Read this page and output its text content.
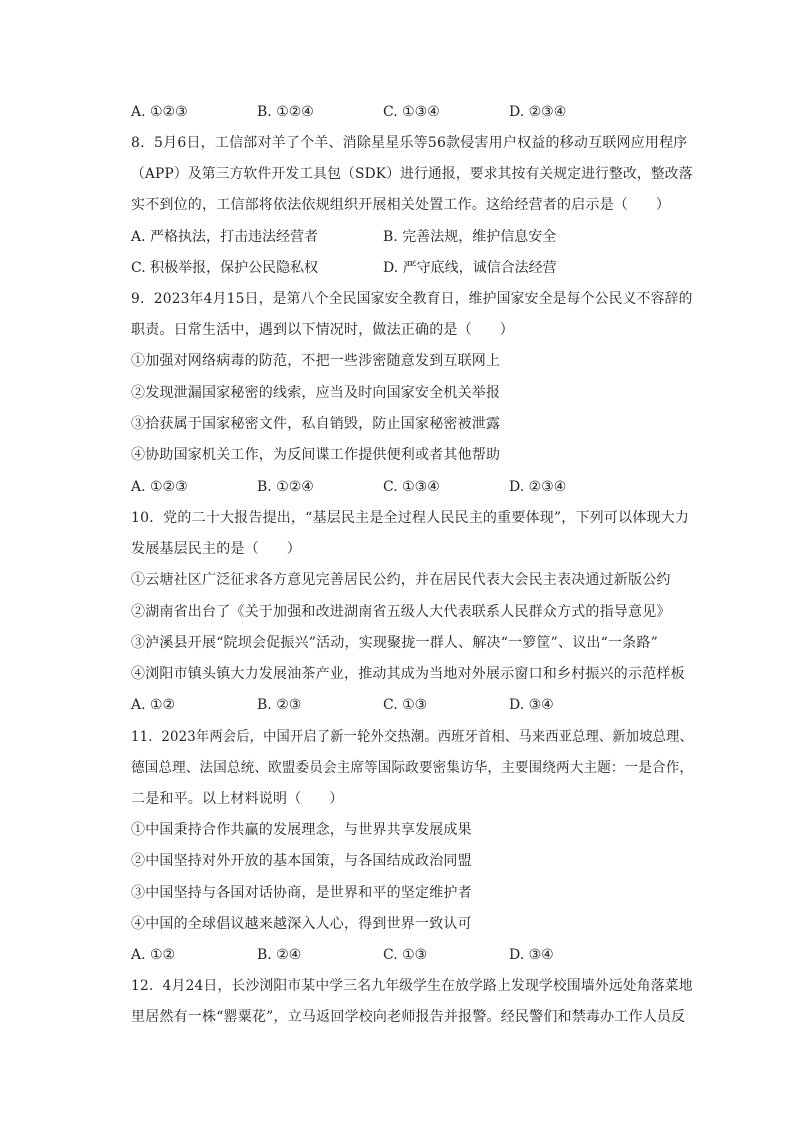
A. ①②③	B. ①②④	C. ①③④	D. ②③④
8.  5月6日，工信部对羊了个羊、消除星星乐等56款侵害用户权益的移动互联网应用程序
（APP）及第三方软件开发工具包（SDK）进行通报，要求其按有关规定进行整改，整改落
实不到位的，工信部将依法依规组织开展相关处置工作。这给经营者的启示是（      ）
A. 严格执法，打击违法经营者	B. 完善法规，维护信息安全
C. 积极举报，保护公民隐私权	D. 严守底线，诚信合法经营
9.  2023年4月15日，是第八个全民国家安全教育日，维护国家安全是每个公民义不容辞的
职责。日常生活中，遇到以下情况时，做法正确的是（      ）
①加强对网络病毒的防范，不把一些涉密随意发到互联网上
②发现泄漏国家秘密的线索，应当及时向国家安全机关举报
③拾获属于国家秘密文件，私自销毁，防止国家秘密被泄露
④协助国家机关工作，为反间谍工作提供便利或者其他帮助
A. ①②③	B. ①②④	C. ①③④	D. ②③④
10.  党的二十大报告提出，“基层民主是全过程人民民主的重要体现”，下列可以体现大力
发展基层民主的是（      ）
①云塘社区广泛征求各方意见完善居民公约，并在居民代表大会民主表决通过新版公约
②湖南省出台了《关于加强和改进湖南省五级人大代表联系人民群众方式的指导意见》
③泸溪县开展“院坝会促振兴”活动，实现聚拢一群人、解决“一箩筐”、议出“一条路”
④浏阳市镇头镇大力发展油茶产业，推动其成为当地对外展示窗口和乡村振兴的示范样板
A. ①②	B. ②③	C. ①③	D. ③④
11.  2023年两会后，中国开启了新一轮外交热潮。西班牙首相、马来西亚总理、新加坡总理、
德国总理、法国总统、欧盟委员会主席等国际政要密集访华，主要围绕两大主题：一是合作，
二是和平。以上材料说明（      ）
①中国秉持合作共赢的发展理念，与世界共享发展成果
②中国坚持对外开放的基本国策，与各国结成政治同盟
③中国坚持与各国对话协商，是世界和平的坚定维护者
④中国的全球倡议越来越深入人心，得到世界一致认可
A. ①②	B. ②④	C. ①③	D. ③④
12.  4月24日，长沙浏阳市某中学三名九年级学生在放学路上发现学校围墙外远处角落菜地
里居然有一株“罂粟花”，立马返回学校向老师报告并报警。经民警们和禁毒办工作人员反
